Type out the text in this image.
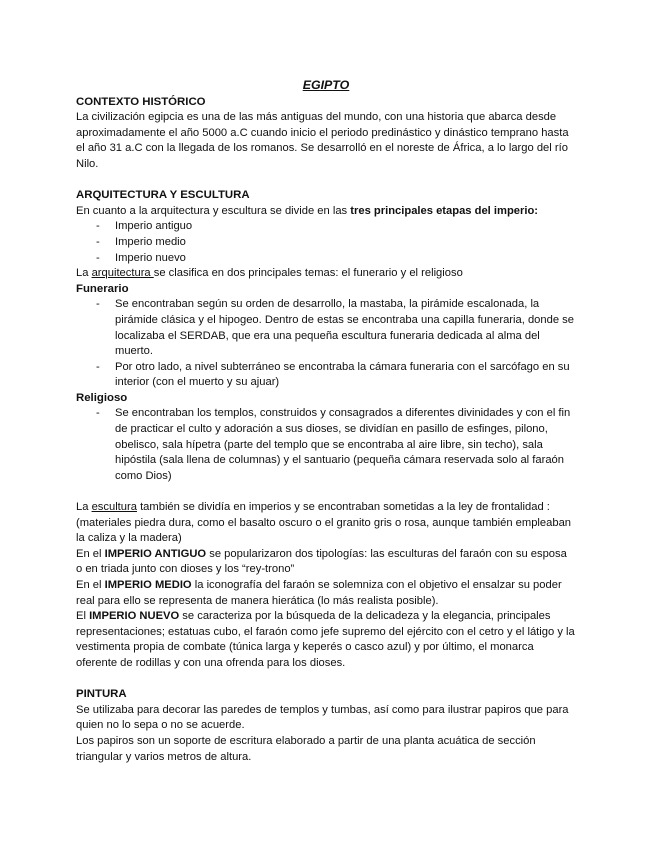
EGIPTO
CONTEXTO HISTÓRICO

La civilización egipcia es una de las más antiguas del mundo, con una historia que abarca desde aproximadamente el año 5000 a.C cuando inicio el periodo predinástico y dinástico temprano hasta el año 31 a.C con la llegada de los romanos. Se desarrolló en el noreste de África, a lo largo del río Nilo.

ARQUITECTURA Y ESCULTURA

En cuanto a la arquitectura y escultura se divide en las tres principales etapas del imperio:

- Imperio antiguo
- Imperio medio
- Imperio nuevo

La arquitectura se clasifica en dos principales temas: el funerario y el religioso

Funerario
- Se encontraban según su orden de desarrollo, la mastaba, la pirámide escalonada, la pirámide clásica y el hipogeo. Dentro de estas se encontraba una capilla funeraria, donde se localizaba el SERDAB, que era una pequeña escultura funeraria dedicada al alma del muerto.
- Por otro lado, a nivel subterráneo se encontraba la cámara funeraria con el sarcófago en su interior (con el muerto y su ajuar)
Religioso
- Se encontraban los templos, construidos y consagrados a diferentes divinidades y con el fin de practicar el culto y adoración a sus dioses, se dividían en pasillo de esfinges, pilono, obelisco, sala hípetra (parte del templo que se encontraba al aire libre, sin techo), sala hipóstila (sala llena de columnas) y el santuario (pequeña cámara reservada solo al faraón como Dios)

La escultura también se dividía en imperios y se encontraban sometidas a la ley de frontalidad : (materiales piedra dura, como el basalto oscuro o el granito gris o rosa, aunque también empleaban la caliza y la madera)

En el IMPERIO ANTIGUO se popularizaron dos tipologías: las esculturas del faraón con su esposa o en triada junto con dioses y los “rey-trono”

En el IMPERIO MEDIO la iconografía del faraón se solemniza con el objetivo el ensalzar su poder real para ello se representa de manera hierática (lo más realista posible).

El IMPERIO NUEVO se caracteriza por la búsqueda de la delicadeza y la elegancia, principales representaciones; estatuas cubo, el faraón como jefe supremo del ejército con el cetro y el látigo y la vestimenta propia de combate (túnica larga y keperés o casco azul) y por último, el monarca oferente de rodillas y con una ofrenda para los dioses.

PINTURA

Se utilizaba para decorar las paredes de templos y tumbas, así como para ilustrar papiros que para quien no lo sepa o no se acuerde.

Los papiros son un soporte de escritura elaborado a partir de una planta acuática de sección triangular y varios metros de altura.
